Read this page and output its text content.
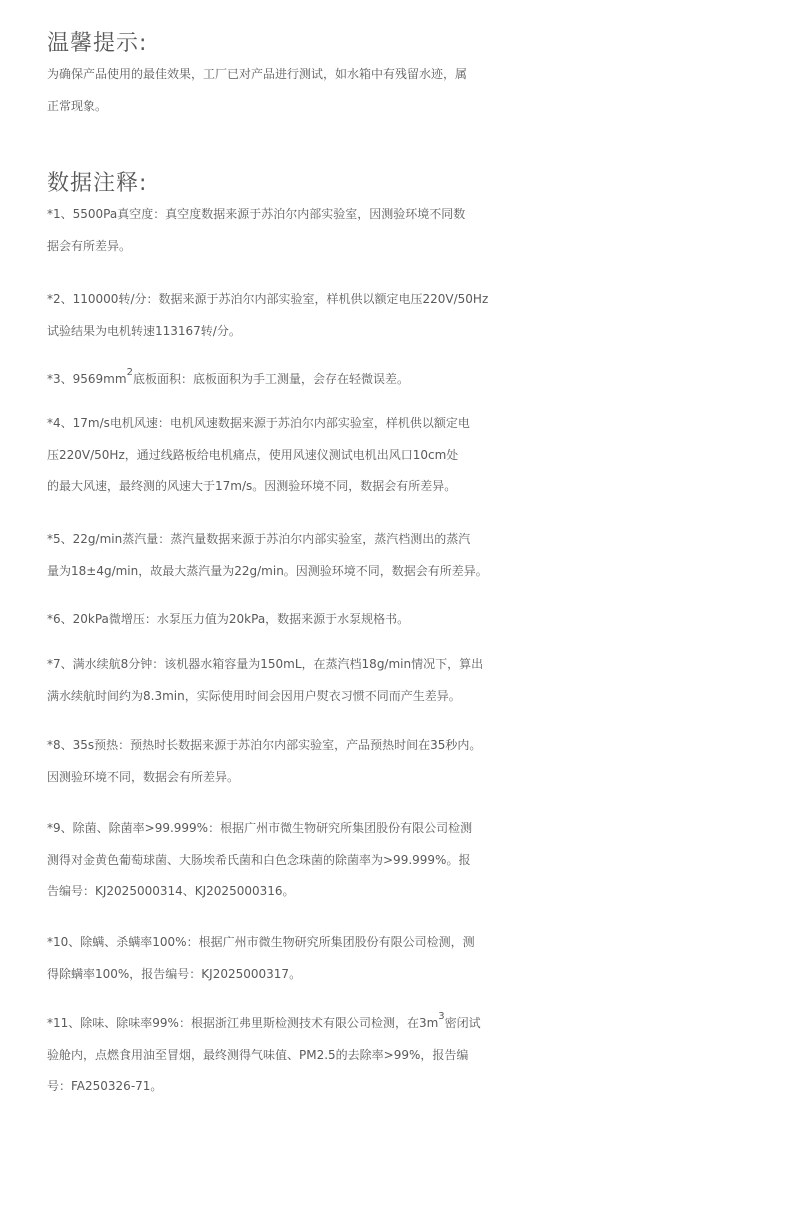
温馨提示:

为确保产品使用的最佳效果，工厂已对产品进行测试，如水箱中有残留水迹，属
正常现象。

数据注释:

*1、5500Pa真空度：真空度数据来源于苏泊尔内部实验室，因测验环境不同数
据会有所差异。

*2、110000转/分：数据来源于苏泊尔内部实验室，样机供以额定电压220V/50Hz
试验结果为电机转速113167转/分。

*3、$9569mm^2$底板面积：底板面积为手工测量，会存在轻微误差。

*4、17m/s电机风速：电机风速数据来源于苏泊尔内部实验室，样机供以额定电
压220V/50Hz，通过线路板给电机痛点，使用风速仪测试电机出风口10cm处
的最大风速，最终测的风速大于17m/s。因测验环境不同，数据会有所差异。

*5、22g/min蒸汽量：蒸汽量数据来源于苏泊尔内部实验室，蒸汽档测出的蒸汽
量为18±4g/min，故最大蒸汽量为22g/min。因测验环境不同，数据会有所差异。

*6、20kPa微增压：水泵压力值为20kPa，数据来源于水泵规格书。

*7、满水续航8分钟：该机器水箱容量为150mL，在蒸汽档18g/min情况下，算出
满水续航时间约为8.3min，实际使用时间会因用户熨衣习惯不同而产生差异。

*8、35s预热：预热时长数据来源于苏泊尔内部实验室，产品预热时间在35秒内。
因测验环境不同，数据会有所差异。

*9、除菌、除菌率>99.999%：根据广州市微生物研究所集团股份有限公司检测
测得对金黄色葡萄球菌、大肠埃希氏菌和白色念珠菌的除菌率为>99.999%。报
告编号：KJ2025000314、KJ2025000316。

*10、除螨、杀螨率100%：根据广州市微生物研究所集团股份有限公司检测，测
得除螨率100%，报告编号：KJ2025000317。

*11、除味、除味率99%：根据浙江弗里斯检测技术有限公司检测，在$3m^3$密闭试
验舱内，点燃食用油至冒烟，最终测得气味值、PM2.5的去除率>99%，报告编
号：FA250326-71。
